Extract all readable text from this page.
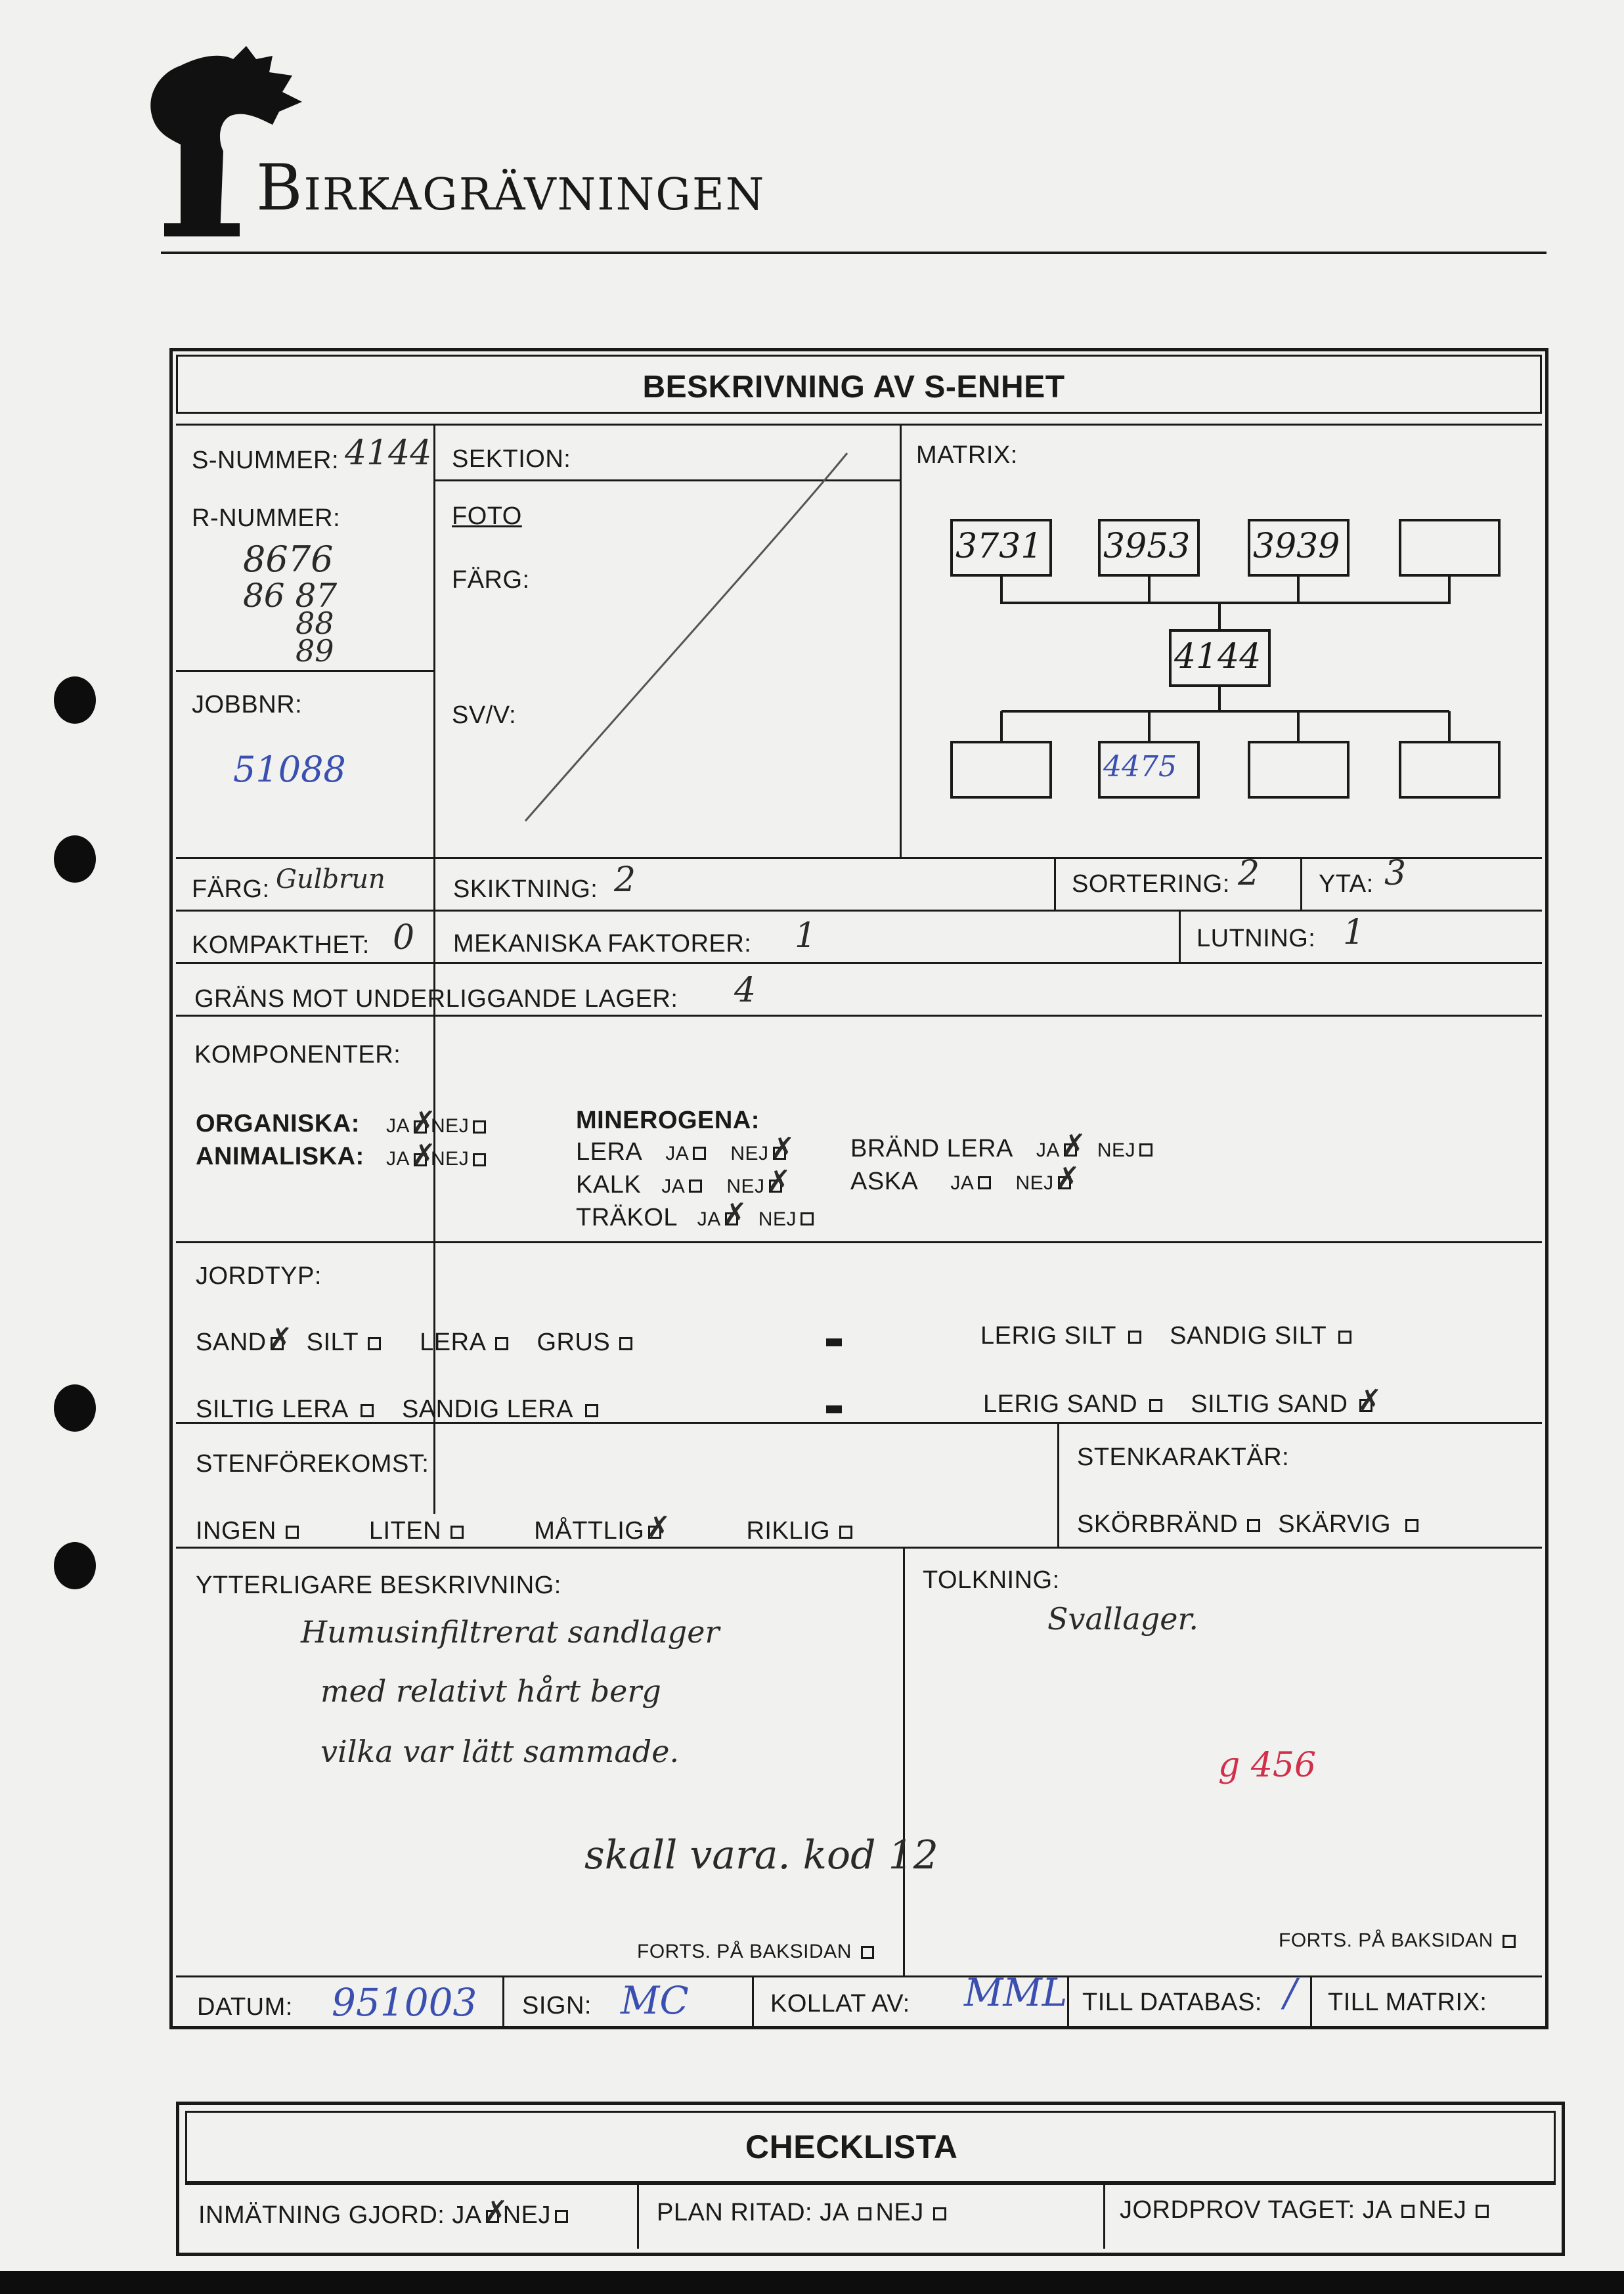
Birkagrävningen
BESKRIVNING AV S-ENHET
S-NUMMER: 4144 SEKTION:	MATRIX:
R-NUMMER:
8676
86 87
88
89
FOTO
FÄRG:
SV/V:
JOBBNR:
51088
3731 3953 3939
4144
4475
FÄRG: Gulbrun	SKIKTNING: 2	SORTERING: 2 YTA: 3
KOMPAKTHET: 0 MEKANISKA FAKTORER: 1	LUTNING: 1
GRÄNS MOT UNDERLIGGANDE LAGER: 4
KOMPONENTER:
ORGANISKA: JA ✗ NEJ
ANIMALISKA: JA ✗ NEJ
MINEROGENA:
LERA JA NEJ ✗	BRÄND LERA JA ✗ NEJ
KALK JA NEJ ✗	ASKA JA NEJ✗
TRÄKOL JA ✗ NEJ
JORDTYP:
SAND ✗ SILT LERA GRUS	LERIG SILT SANDIG SILT
SILTIG LERA SANDIG LERA	LERIG SAND SILTIG SAND✗
STENFÖREKOMST:
INGEN	LITEN	MÅTTLIG ✗	RIKLIG
STENKARAKTÄR:
SKÖRBRÄND SKÄRVIG
YTTERLIGARE BESKRIVNING:
Humusinfiltrerat sandlager
med relativt hårt berg
vilka var lätt sammade.
skall vara. kod 12
FORTS. PÅ BAKSIDAN
TOLKNING:
Svallager.
g 456
FORTS. PÅ BAKSIDAN
DATUM: 951003 SIGN: MC	KOLLAT AV: MML TILL DATABAS: / TILL MATRIX:
CHECKLISTA
INMÄTNING GJORD: JA ✗ NEJ	PLAN RITAD: JA NEJ	JORDPROV TAGET: JA NEJ
